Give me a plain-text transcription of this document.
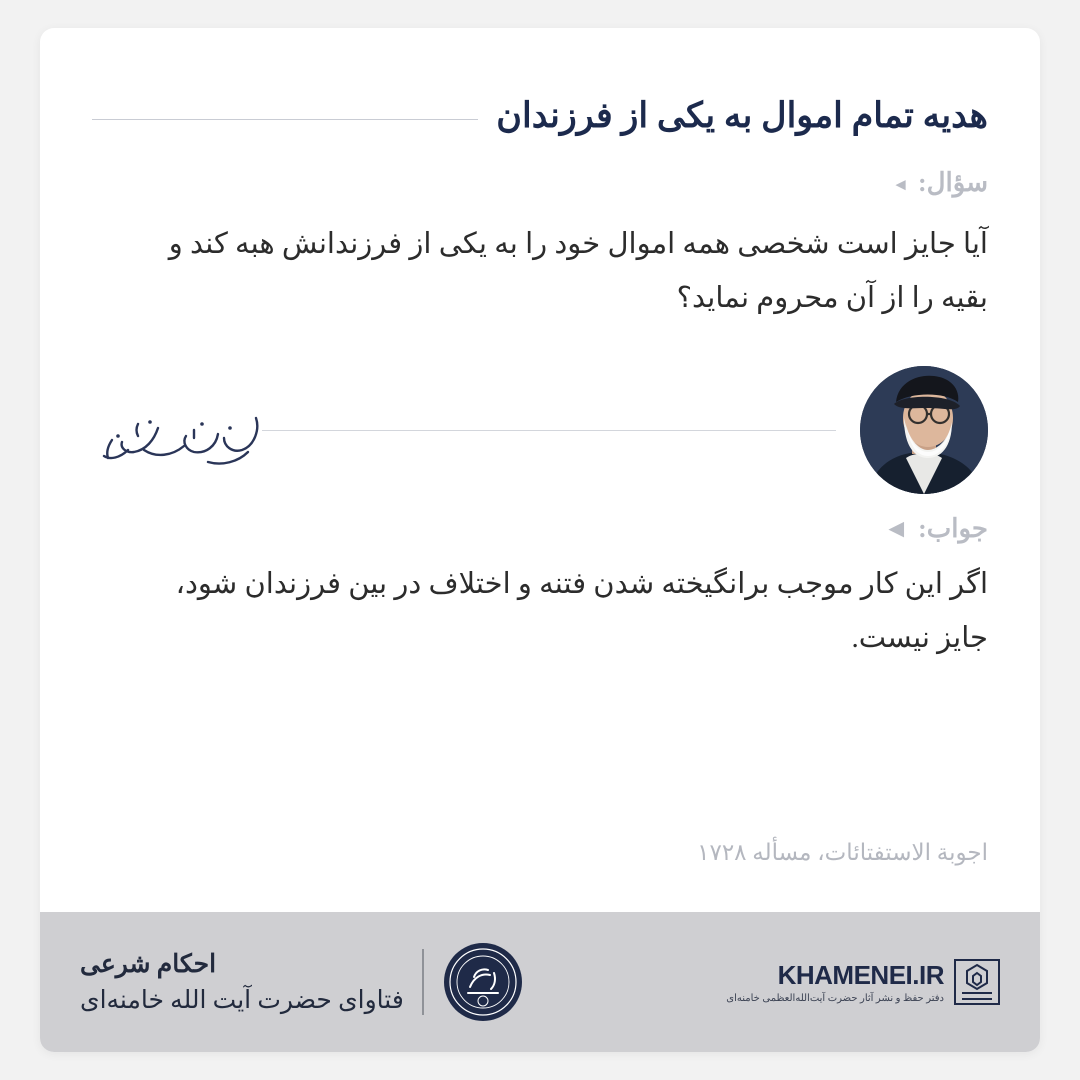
هدیه تمام اموال به یکی از فرزندان
سؤال:
◄
آیا جایز است شخصی همه اموال خود را به یکی از فرزندانش هبه کند و بقیه را از آن محروم نماید؟
جواب:
◄
اگر این کار موجب برانگیخته شدن فتنه و اختلاف در بین فرزندان شود، جایز نیست.
اجوبة الاستفتائات، مسأله ۱۷۲۸
احکام شرعی
فتاوای حضرت آیت الله خامنه‌ای
KHAMENEI.IR
دفتر حفظ و نشر آثار حضرت آیت‌الله‌العظمی خامنه‌ای
